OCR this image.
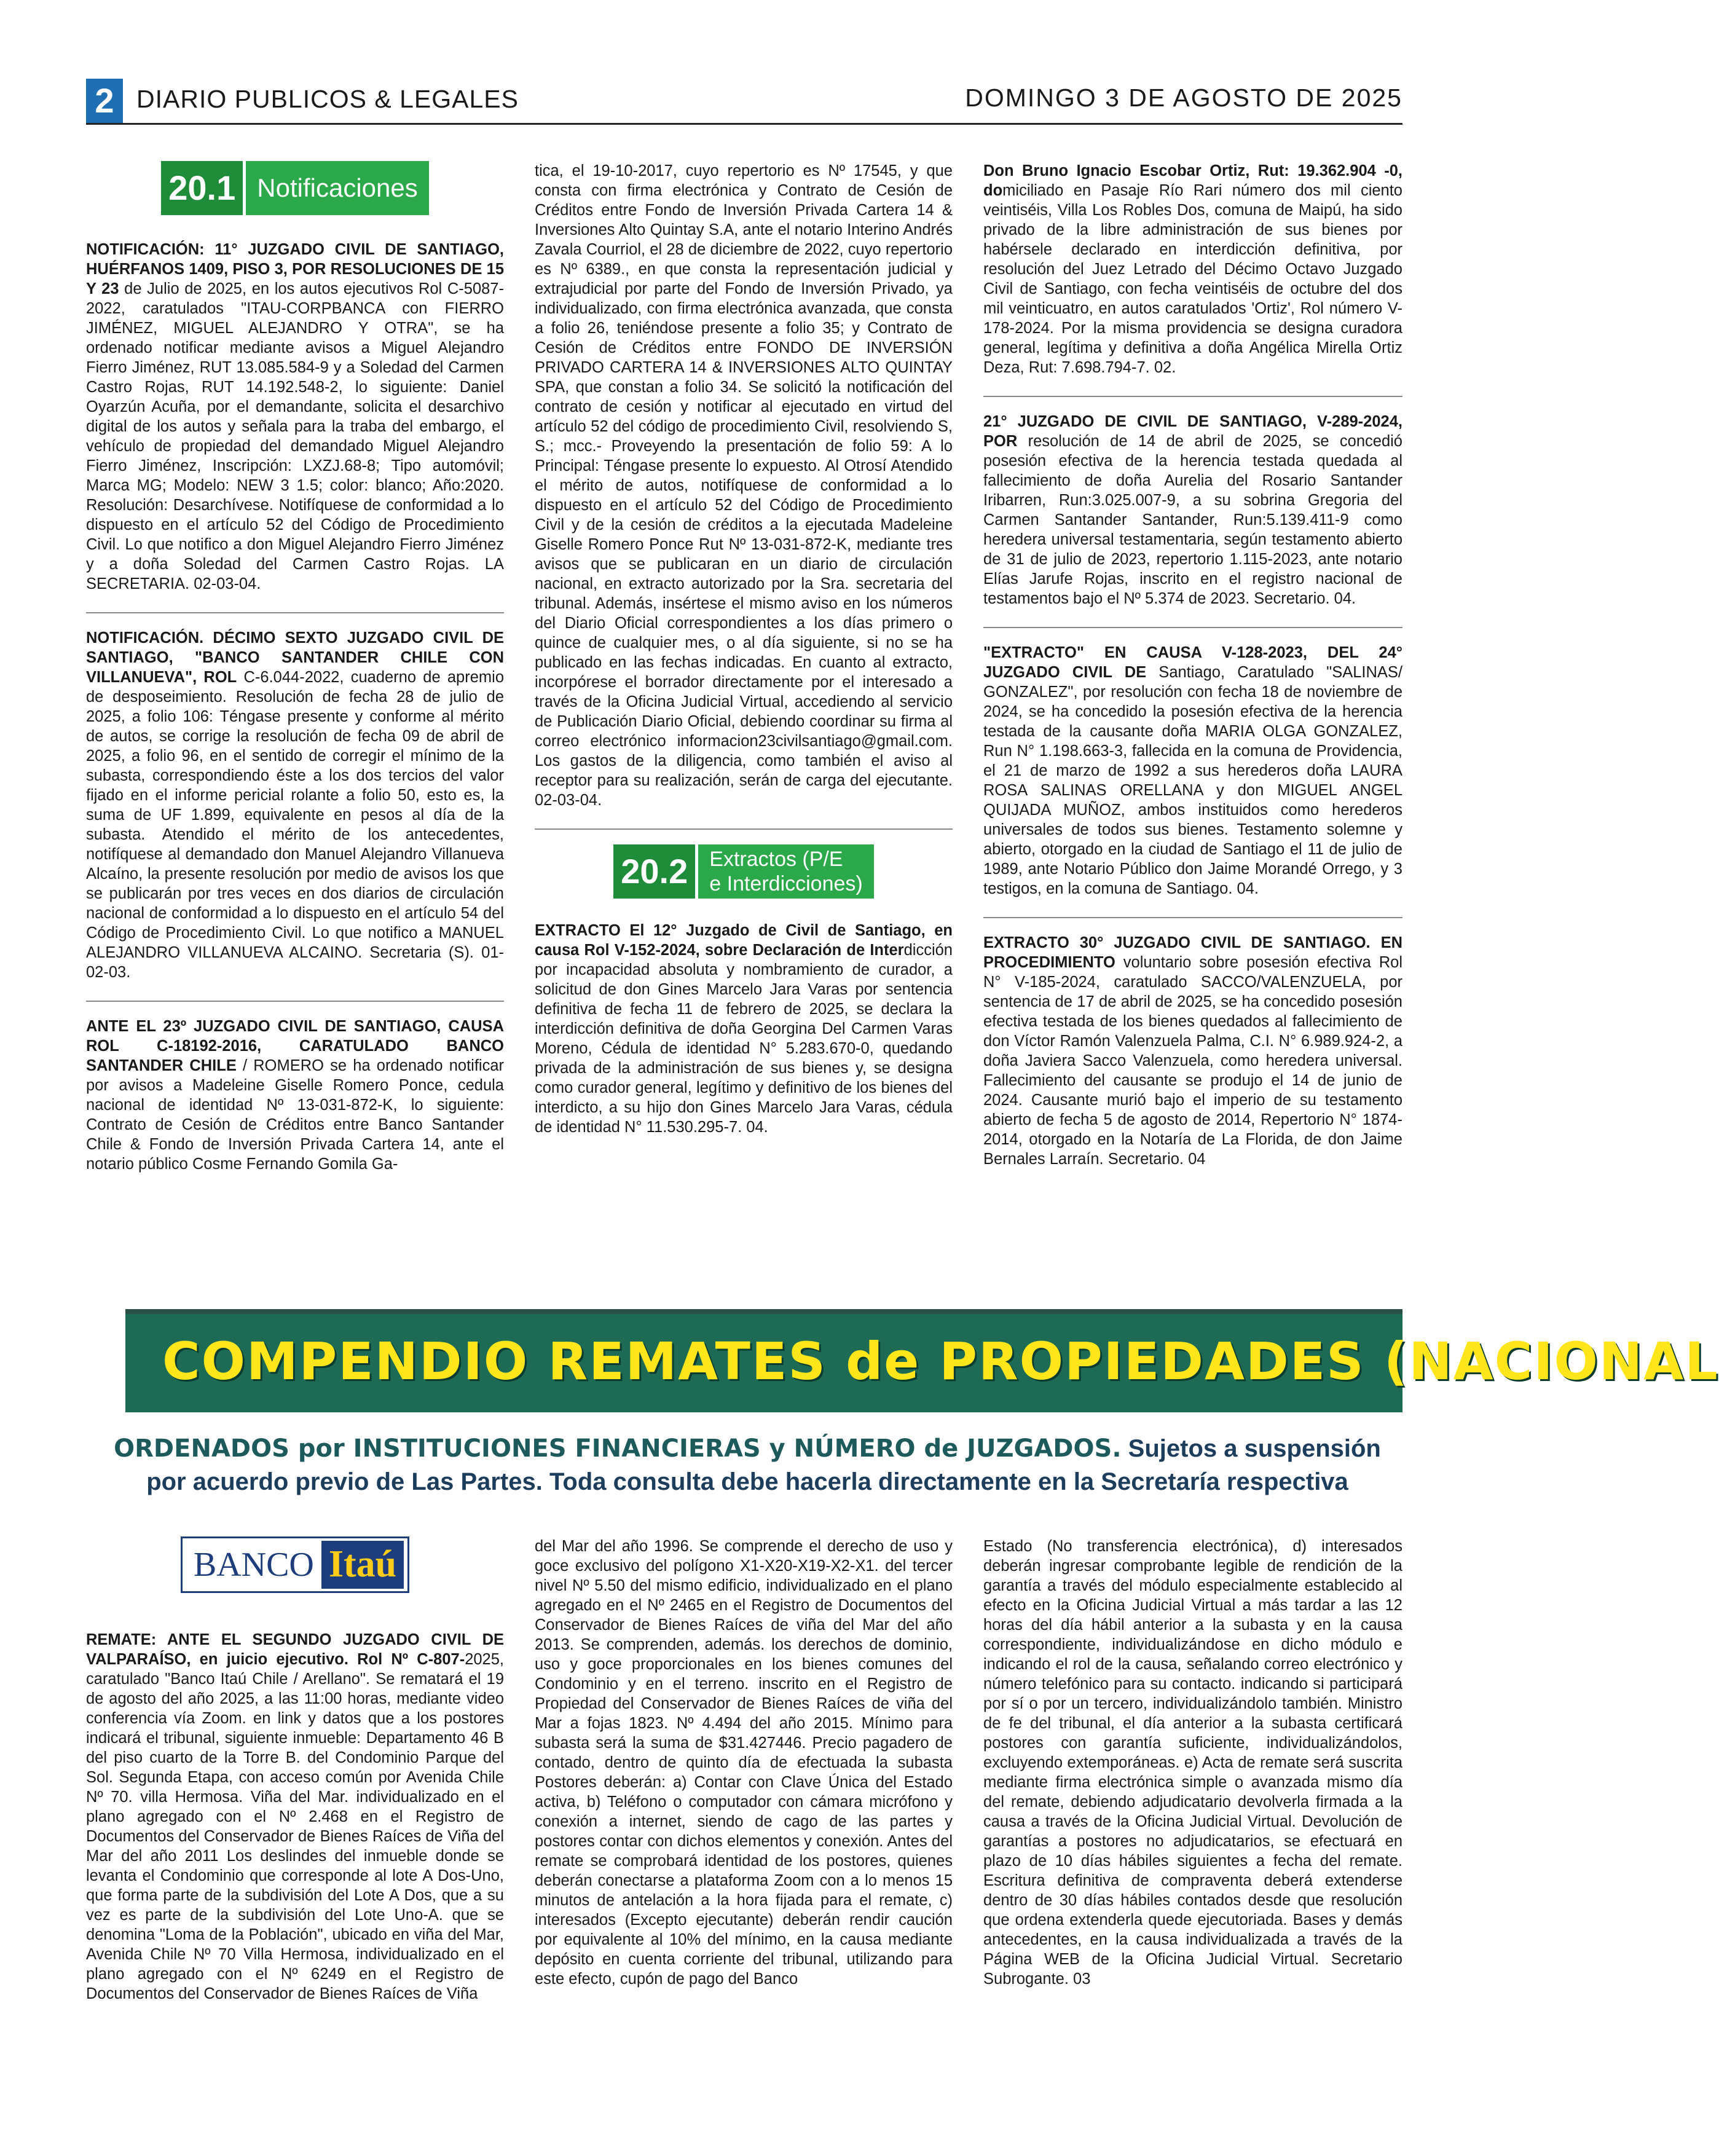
2 DIARIO PUBLICOS & LEGALES	DOMINGO 3 DE AGOSTO DE 2025
20.1 Notificaciones

NOTIFICACIÓN: 11° JUZGADO CIVIL DE SANTIAGO, HUÉRFANOS 1409, PISO 3, POR RESOLUCIONES DE 15 Y 23 de Julio de 2025, en los autos ejecutivos Rol C-5087- 2022, caratulados "ITAU-CORPBANCA con FIERRO JIMÉNEZ, MIGUEL ALEJANDRO Y OTRA", se ha ordenado notificar mediante avisos a Miguel Alejandro Fierro Jiménez, RUT 13.085.584-9 y a Soledad del Carmen Castro Rojas, RUT 14.192.548-2, lo siguiente: Daniel Oyarzún Acuña, por el demandante, solicita el desarchivo digital de los autos y señala para la traba del embargo, el vehículo de propiedad del demandado Miguel Alejandro Fierro Jiménez, Inscripción: LXZJ.68-8; Tipo automóvil; Marca MG; Modelo: NEW 3 1.5; color: blanco; Año:2020. Resolución: Desarchívese. Notifíquese de conformidad a lo dispuesto en el artículo 52 del Código de Procedimiento Civil. Lo que notifico a don Miguel Alejandro Fierro Jiménez y a doña Soledad del Carmen Castro Rojas. LA SECRETARIA. 02-03-04.

NOTIFICACIÓN. DÉCIMO SEXTO JUZGADO CIVIL DE SANTIAGO, "BANCO SANTANDER CHILE CON VILLANUEVA", ROL C-6.044-2022, cuaderno de apremio de desposeimiento. Resolución de fecha 28 de julio de 2025, a folio 106: Téngase presente y conforme al mérito de autos, se corrige la resolución de fecha 09 de abril de 2025, a folio 96, en el sentido de corregir el mínimo de la subasta, correspondiendo éste a los dos tercios del valor fijado en el informe pericial rolante a folio 50, esto es, la suma de UF 1.899, equivalente en pesos al día de la subasta. Atendido el mérito de los antecedentes, notifíquese al demandado don Manuel Alejandro Villanueva Alcaíno, la presente resolución por medio de avisos los que se publicarán por tres veces en dos diarios de circulación nacional de conformidad a lo dispuesto en el artículo 54 del Código de Procedimiento Civil. Lo que notifico a MANUEL ALEJANDRO VILLANUEVA ALCAINO. Secretaria (S). 01-02-03.

ANTE EL 23º JUZGADO CIVIL DE SANTIAGO, CAUSA ROL C-18192-2016, CARATULADO BANCO SANTANDER CHILE / ROMERO se ha ordenado notificar por avisos a Madeleine Giselle Romero Ponce, cedula nacional de identidad Nº 13-031-872-K, lo siguiente: Contrato de Cesión de Créditos entre Banco Santander Chile & Fondo de Inversión Privada Cartera 14, ante el notario público Cosme Fernando Gomila Ga-

tica, el 19-10-2017, cuyo repertorio es Nº 17545, y que consta con firma electrónica y Contrato de Cesión de Créditos entre Fondo de Inversión Privada Cartera 14 & Inversiones Alto Quintay S.A, ante el notario Interino Andrés Zavala Courriol, el 28 de diciembre de 2022, cuyo repertorio es Nº 6389., en que consta la representación judicial y extrajudicial por parte del Fondo de Inversión Privado, ya individualizado, con firma electrónica avanzada, que consta a folio 26, teniéndose presente a folio 35; y Contrato de Cesión de Créditos entre FONDO DE INVERSIÓN PRIVADO CARTERA 14 & INVERSIONES ALTO QUINTAY SPA, que constan a folio 34. Se solicitó la notificación del contrato de cesión y notificar al ejecutado en virtud del artículo 52 del código de procedimiento Civil, resolviendo S, S.; mcc.- Proveyendo la presentación de folio 59: A lo Principal: Téngase presente lo expuesto. Al Otrosí Atendido el mérito de autos, notifíquese de conformidad a lo dispuesto en el artículo 52 del Código de Procedimiento Civil y de la cesión de créditos a la ejecutada Madeleine Giselle Romero Ponce Rut Nº 13-031-872-K, mediante tres avisos que se publicaran en un diario de circulación nacional, en extracto autorizado por la Sra. secretaria del tribunal. Además, insértese el mismo aviso en los números del Diario Oficial correspondientes a los días primero o quince de cualquier mes, o al día siguiente, si no se ha publicado en las fechas indicadas. En cuanto al extracto, incorpórese el borrador directamente por el interesado a través de la Oficina Judicial Virtual, accediendo al servicio de Publicación Diario Oficial, debiendo coordinar su firma al correo electrónico informacion23civilsantiago@gmail.com. Los gastos de la diligencia, como también el aviso al receptor para su realización, serán de carga del ejecutante. 02-03-04.

20.2	Extractos (P/E
e Interdicciones)

EXTRACTO El 12° Juzgado de Civil de Santiago, en causa Rol V-152-2024, sobre Declaración de Interdicción por incapacidad absoluta y nombramiento de curador, a solicitud de don Gines Marcelo Jara Varas por sentencia definitiva de fecha 11 de febrero de 2025, se declara la interdicción definitiva de doña Georgina Del Carmen Varas Moreno, Cédula de identidad N° 5.283.670-0, quedando privada de la administración de sus bienes y, se designa como curador general, legítimo y definitivo de los bienes del interdicto, a su hijo don Gines Marcelo Jara Varas, cédula de identidad N° 11.530.295-7. 04.

Don Bruno Ignacio Escobar Ortiz, Rut: 19.362.904 -0, domiciliado en Pasaje Río Rari número dos mil ciento veintiséis, Villa Los Robles Dos, comuna de Maipú, ha sido privado de la libre administración de sus bienes por habérsele declarado en interdicción definitiva, por resolución del Juez Letrado del Décimo Octavo Juzgado Civil de Santiago, con fecha veintiséis de octubre del dos mil veinticuatro, en autos caratulados 'Ortiz', Rol número V-178-2024. Por la misma providencia se designa curadora general, legítima y definitiva a doña Angélica Mirella Ortiz Deza, Rut: 7.698.794-7. 02.

21° JUZGADO DE CIVIL DE SANTIAGO, V-289-2024, POR resolución de 14 de abril de 2025, se concedió posesión efectiva de la herencia testada quedada al fallecimiento de doña Aurelia del Rosario Santander Iribarren, Run:3.025.007-9, a su sobrina Gregoria del Carmen Santander Santander, Run:5.139.411-9 como heredera universal testamentaria, según testamento abierto de 31 de julio de 2023, repertorio 1.115-2023, ante notario Elías Jarufe Rojas, inscrito en el registro nacional de testamentos bajo el Nº 5.374 de 2023. Secretario. 04.

"EXTRACTO" EN CAUSA V-128-2023, DEL 24° JUZGADO CIVIL DE Santiago, Caratulado "SALINAS/ GONZALEZ", por resolución con fecha 18 de noviembre de 2024, se ha concedido la posesión efectiva de la herencia testada de la causante doña MARIA OLGA GONZALEZ, Run N° 1.198.663-3, fallecida en la comuna de Providencia, el 21 de marzo de 1992 a sus herederos doña LAURA ROSA SALINAS ORELLANA y don MIGUEL ANGEL QUIJADA MUÑOZ, ambos instituidos como herederos universales de todos sus bienes. Testamento solemne y abierto, otorgado en la ciudad de Santiago el 11 de julio de 1989, ante Notario Público don Jaime Morandé Orrego, y 3 testigos, en la comuna de Santiago. 04.

EXTRACTO 30° JUZGADO CIVIL DE SANTIAGO. EN PROCEDIMIENTO voluntario sobre posesión efectiva Rol N° V-185-2024, caratulado SACCO/VALENZUELA, por sentencia de 17 de abril de 2025, se ha concedido posesión efectiva testada de los bienes quedados al fallecimiento de don Víctor Ramón Valenzuela Palma, C.I. N° 6.989.924-2, a doña Javiera Sacco Valenzuela, como heredera universal. Fallecimiento del causante se produjo el 14 de junio de 2024. Causante murió bajo el imperio de su testamento abierto de fecha 5 de agosto de 2014, Repertorio N° 1874-2014, otorgado en la Notaría de La Florida, de don Jaime Bernales Larraín. Secretario. 04

COMPENDIO REMATES de PROPIEDADES (NACIONAL
ORDENADOS por INSTITUCIONES FINANCIERAS y NÚMERO de JUZGADOS. Sujetos a suspensión por acuerdo previo de Las Partes. Toda consulta debe hacerla directamente en la Secretaría respectiva
BANCO Itaú

REMATE: ANTE EL SEGUNDO JUZGADO CIVIL DE VALPARAÍSO, en juicio ejecutivo. Rol Nº C-807-2025, caratulado "Banco Itaú Chile / Arellano". Se rematará el 19 de agosto del año 2025, a las 11:00 horas, mediante video conferencia vía Zoom. en link y datos que a los postores indicará el tribunal, siguiente inmueble: Departamento 46 B del piso cuarto de la Torre B. del Condominio Parque del Sol. Segunda Etapa, con acceso común por Avenida Chile Nº 70. villa Hermosa. Viña del Mar. individualizado en el plano agregado con el Nº 2.468 en el Registro de Documentos del Conservador de Bienes Raíces de Viña del Mar del año 2011 Los deslindes del inmueble donde se levanta el Condominio que corresponde al lote A Dos-Uno, que forma parte de la subdivisión del Lote A Dos, que a su vez es parte de la subdivisión del Lote Uno-A. que se denomina "Loma de la Población", ubicado en viña del Mar, Avenida Chile Nº 70 Villa Hermosa, individualizado en el plano agregado con el Nº 6249 en el Registro de Documentos del Conservador de Bienes Raíces de Viña

del Mar del año 1996. Se comprende el derecho de uso y goce exclusivo del polígono X1-X20-X19-X2-X1. del tercer nivel Nº 5.50 del mismo edificio, individualizado en el plano agregado en el Nº 2465 en el Registro de Documentos del Conservador de Bienes Raíces de viña del Mar del año 2013. Se comprenden, además. los derechos de dominio, uso y goce proporcionales en los bienes comunes del Condominio y en el terreno. inscrito en el Registro de Propiedad del Conservador de Bienes Raíces de viña del Mar a fojas 1823. Nº 4.494 del año 2015. Mínimo para subasta será la suma de $31.427446. Precio pagadero de contado, dentro de quinto día de efectuada la subasta Postores deberán: a) Contar con Clave Única del Estado activa, b) Teléfono o computador con cámara micrófono y conexión a internet, siendo de cago de las partes y postores contar con dichos elementos y conexión. Antes del remate se comprobará identidad de los postores, quienes deberán conectarse a plataforma Zoom con a lo menos 15 minutos de antelación a la hora fijada para el remate, c) interesados (Excepto ejecutante) deberán rendir caución por equivalente al 10% del mínimo, en la causa mediante depósito en cuenta corriente del tribunal, utilizando para este efecto, cupón de pago del Banco

Estado (No transferencia electrónica), d) interesados deberán ingresar comprobante legible de rendición de la garantía a través del módulo especialmente establecido al efecto en la Oficina Judicial Virtual a más tardar a las 12 horas del día hábil anterior a la subasta y en la causa correspondiente, individualizándose en dicho módulo e indicando el rol de la causa, señalando correo electrónico y número telefónico para su contacto. indicando si participará por sí o por un tercero, individualizándolo también. Ministro de fe del tribunal, el día anterior a la subasta certificará postores con garantía suficiente, individualizándolos, excluyendo extemporáneas. e) Acta de remate será suscrita mediante firma electrónica simple o avanzada mismo día del remate, debiendo adjudicatario devolverla firmada a la causa a través de la Oficina Judicial Virtual. Devolución de garantías a postores no adjudicatarios, se efectuará en plazo de 10 días hábiles siguientes a fecha del remate. Escritura definitiva de compraventa deberá extenderse dentro de 30 días hábiles contados desde que resolución que ordena extenderla quede ejecutoriada. Bases y demás antecedentes, en la causa individualizada a través de la Página WEB de la Oficina Judicial Virtual. Secretario Subrogante. 03
